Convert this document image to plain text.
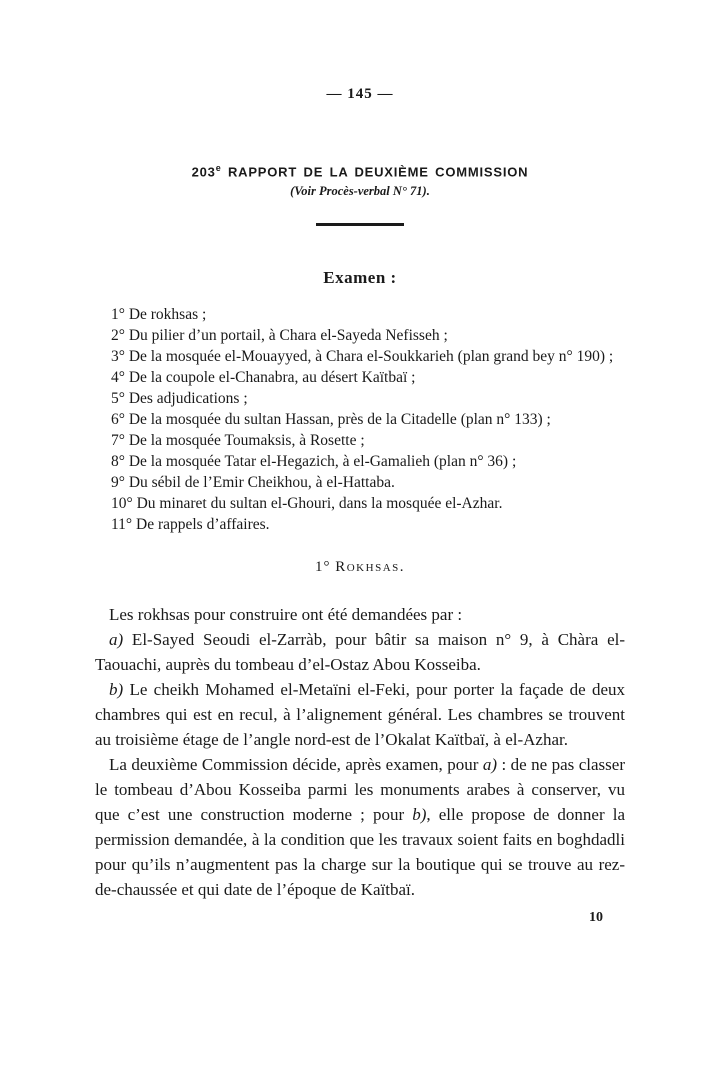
— 145 —
203e RAPPORT DE LA DEUXIÈME COMMISSION
(Voir Procès-verbal N° 71).
Examen :

1° De rokhsas ;

2° Du pilier d’un portail, à Chara el-Sayeda Nefisseh ;

3° De la mosquée el-Mouayyed, à Chara el-Soukkarieh (plan grand bey n° 190) ;

4° De la coupole el-Chanabra, au désert Kaïtbaï ;

5° Des adjudications ;

6° De la mosquée du sultan Hassan, près de la Citadelle (plan n° 133) ;

7° De la mosquée Toumaksis, à Rosette ;

8° De la mosquée Tatar el-Hegazich, à el-Gamalieh (plan n° 36) ;

9° Du sébil de l’Emir Cheikhou, à el-Hattaba.

10° Du minaret du sultan el-Ghouri, dans la mosquée el-Azhar.

11° De rappels d’affaires.

1° Rokhsas.

Les rokhsas pour construire ont été demandées par :

a) El-Sayed Seoudi el-Zarràb, pour bâtir sa maison n° 9, à Chàra el-Taouachi, auprès du tombeau d’el-Ostaz Abou Kosseiba.

b) Le cheikh Mohamed el-Metaïni el-Feki, pour porter la façade de deux chambres qui est en recul, à l’alignement général. Les chambres se trouvent au troisième étage de l’angle nord-est de l’Okalat Kaïtbaï, à el-Azhar.

La deuxième Commission décide, après examen, pour a) : de ne pas classer le tombeau d’Abou Kosseiba parmi les monuments arabes à conserver, vu que c’est une construction moderne ; pour b), elle propose de donner la permission demandée, à la condition que les travaux soient faits en boghdadli pour qu’ils n’augmentent pas la charge sur la boutique qui se trouve au rez-de-chaussée et qui date de l’époque de Kaïtbaï.

10
